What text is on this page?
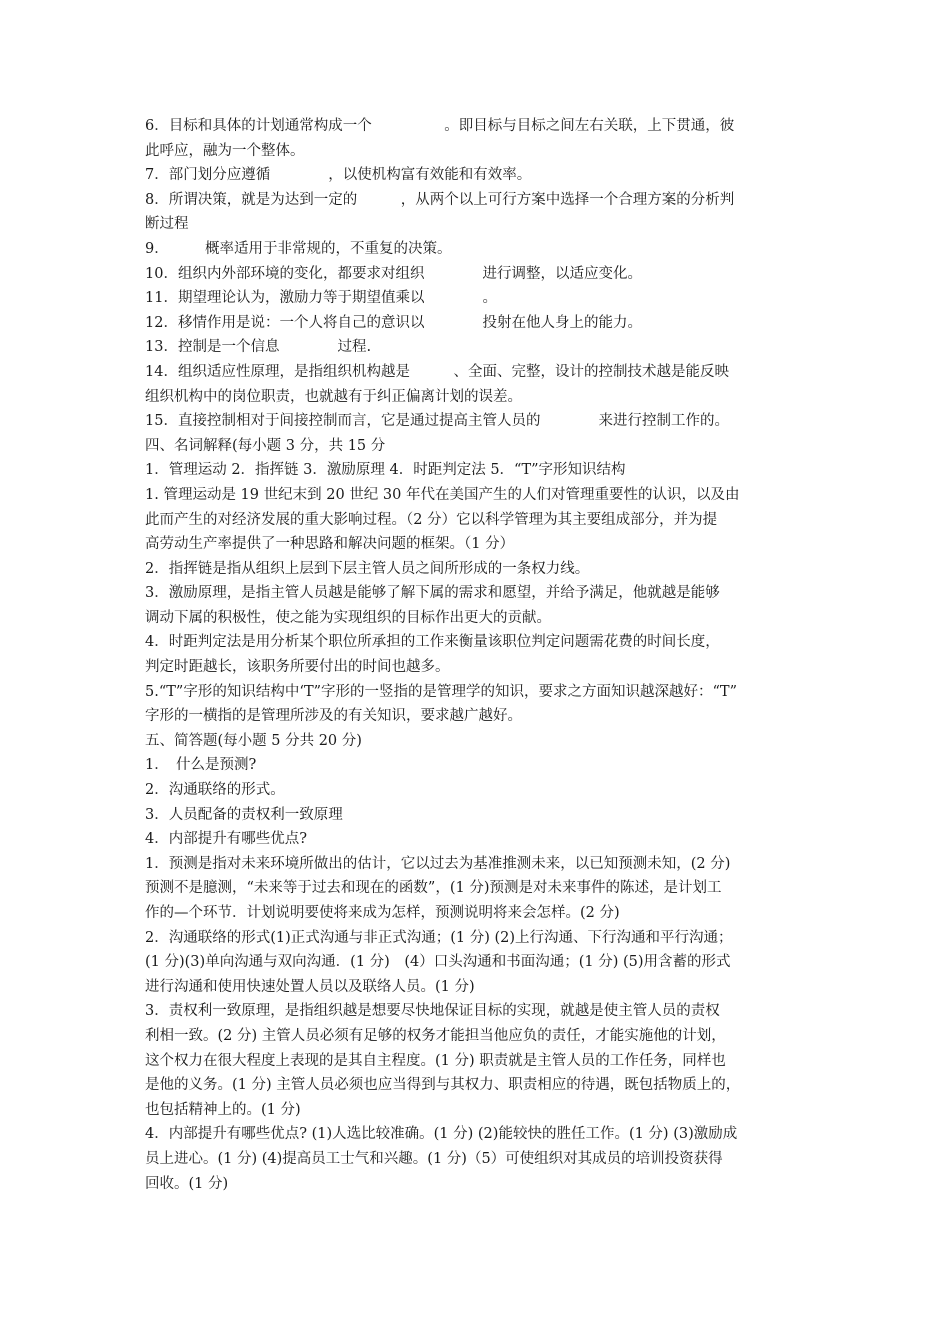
6．目标和具体的计划通常构成一个　　　　　。即目标与目标之间左右关联，上下贯通，彼
此呼应，融为一个整体。
7．部门划分应遵循　　　　，以使机构富有效能和有效率。
8．所谓决策，就是为达到一定的　　　，从两个以上可行方案中选择一个合理方案的分析判
断过程
9．　　　概率适用于非常规的，不重复的决策。
10．组织内外部环境的变化，都要求对组织　　　　进行调整，以适应变化。
11．期望理论认为，激励力等于期望值乘以　　　　。
12．移情作用是说：一个人将自己的意识以　　　　投射在他人身上的能力。
13．控制是一个信息　　　　过程.
14．组织适应性原理，是指组织机构越是　　　、全面、完整，设计的控制技术越是能反映
组织机构中的岗位职责，也就越有于纠正偏离计划的误差。
15．直接控制相对于间接控制而言，它是通过提高主管人员的　　　　来进行控制工作的。
四、名词解释(每小题 3 分，共 15 分
1．管理运动 2．指挥链 3．激励原理 4．时距判定法 5．“T”字形知识结构
1. 管理运动是 19 世纪末到 20 世纪 30 年代在美国产生的人们对管理重要性的认识，以及由
此而产生的对经济发展的重大影响过程。（2 分）它以科学管理为其主要组成部分，并为提
高劳动生产率提供了一种思路和解决问题的框架。（1 分）
2．指挥链是指从组织上层到下层主管人员之间所形成的一条权力线。
3．激励原理，是指主管人员越是能够了解下属的需求和愿望，并给予满足，他就越是能够
调动下属的积极性，使之能为实现组织的目标作出更大的贡献。
4．时距判定法是用分析某个职位所承担的工作来衡量该职位判定问题需花费的时间长度，
判定时距越长，该职务所要付出的时间也越多。
5.“T”字形的知识结构中‘T”字形的一竖指的是管理学的知识，要求之方面知识越深越好：“T”
字形的一横指的是管理所涉及的有关知识，要求越广越好。
五、简答题(每小题 5 分共 20 分)
1．　什么是预测?
2．沟通联络的形式。
3．人员配备的责权利一致原理
4．内部提升有哪些优点?
1．预测是指对未来环境所做出的估计，它以过去为基准推测未来，以已知预测未知，(2 分)
预测不是臆测，“未来等于过去和现在的函数”，(1 分)预测是对未来事件的陈述，是计划工
作的—个环节．计划说明要使将来成为怎样，预测说明将来会怎样。(2 分)
2．沟通联络的形式(1)正式沟通与非正式沟通；(1 分) (2)上行沟通、下行沟通和平行沟通；
(1 分)(3)单向沟通与双向沟通．(1 分)　(4）口头沟通和书面沟通；(1 分) (5)用含蓄的形式
进行沟通和使用快速处置人员以及联络人员。(1 分)
3．责权利一致原理，是指组织越是想要尽快地保证目标的实现，就越是使主管人员的责权
利相一致。(2 分) 主管人员必须有足够的权务才能担当他应负的责任，才能实施他的计划，
这个权力在很大程度上表现的是其自主程度。(1 分) 职责就是主管人员的工作任务，同样也
是他的义务。(1 分) 主管人员必须也应当得到与其权力、职责相应的待遇，既包括物质上的，
也包括精神上的。(1 分)
4．内部提升有哪些优点? (1)人选比较准确。(1 分) (2)能较快的胜任工作。(1 分) (3)激励成
员上进心。(1 分) (4)提高员工士气和兴趣。(1 分)（5）可使组织对其成员的培训投资获得
回收。(1 分)
